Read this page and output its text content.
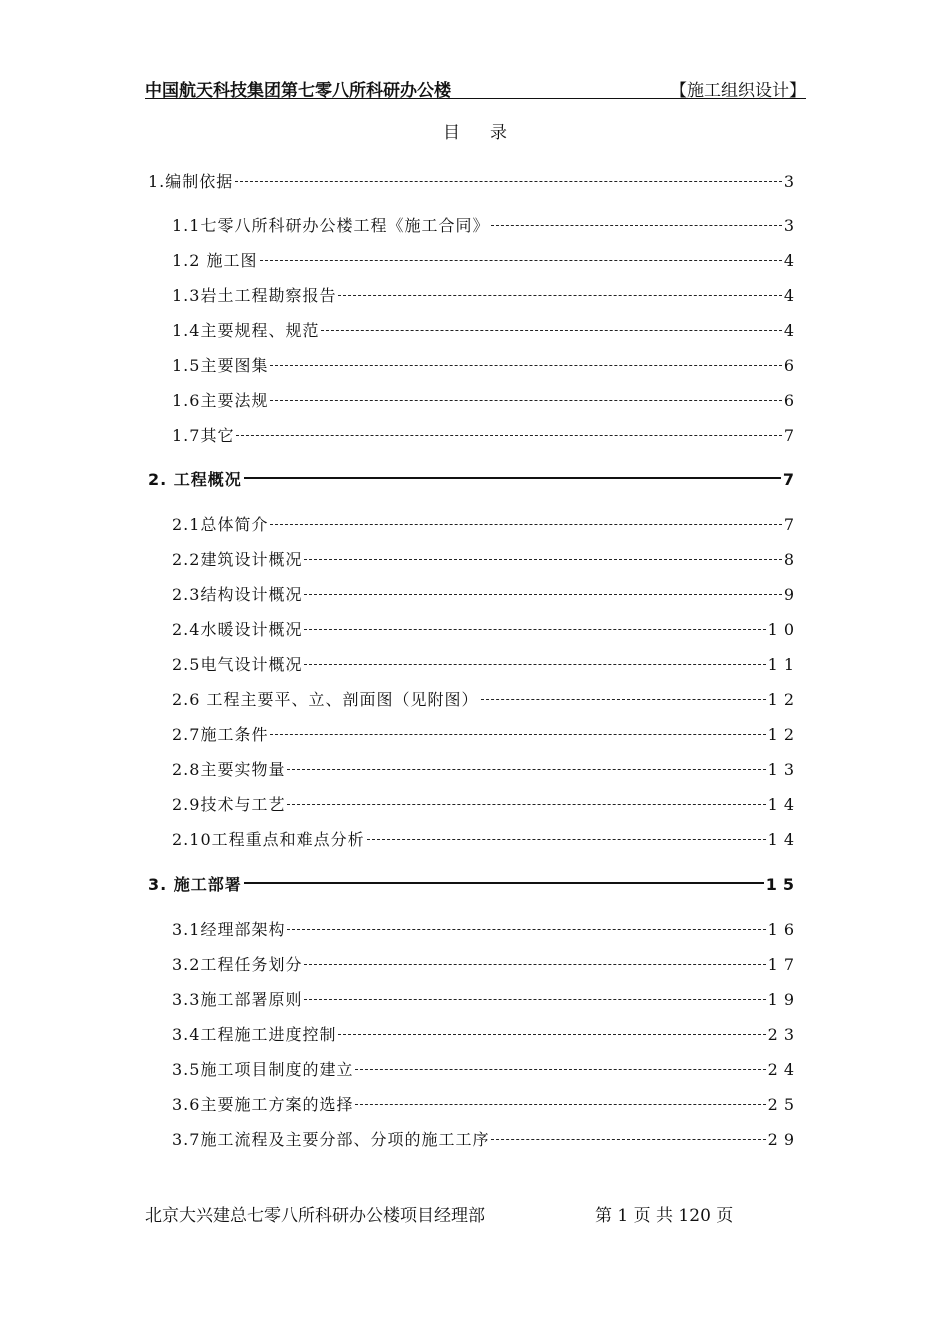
中国航天科技集团第七零八所科研办公楼	【施工组织设计】
目录
1.编制依据	3
1.1七零八所科研办公楼工程《施工合同》	3
1.2 施工图	4
1.3岩土工程勘察报告	4
1.4主要规程、规范	4
1.5主要图集	6
1.6主要法规	6
1.7其它	7
2. 工程概况	7
2.1总体简介	7
2.2建筑设计概况	8
2.3结构设计概况	9
2.4水暖设计概况	10
2.5电气设计概况	11
2.6 工程主要平、立、剖面图（见附图）	12
2.7施工条件	12
2.8主要实物量	13
2.9技术与工艺	14
2.10工程重点和难点分析	14
3. 施工部署	15
3.1经理部架构	16
3.2工程任务划分	17
3.3施工部署原则	19
3.4工程施工进度控制	23
3.5施工项目制度的建立	24
3.6主要施工方案的选择	25
3.7施工流程及主要分部、分项的施工工序	29
北京大兴建总七零八所科研办公楼项目经理部	第 1 页 共 120 页
